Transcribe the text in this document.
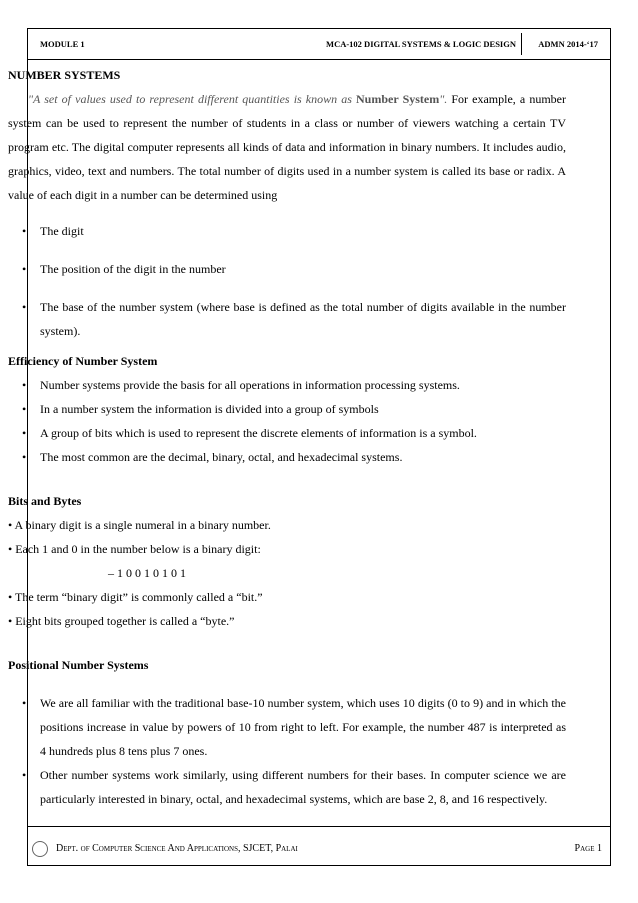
MODULE 1	MCA-102 DIGITAL SYSTEMS & LOGIC DESIGN	ADMN 2014-‘17

NUMBER SYSTEMS

"A set of values used to represent different quantities is known as Number System". For example, a number system can be used to represent the number of students in a class or number of viewers watching a certain TV program etc. The digital computer represents all kinds of data and information in binary numbers. It includes audio, graphics, video, text and numbers. The total number of digits used in a number system is called its base or radix. A value of each digit in a number can be determined using

• The digit
• The position of the digit in the number
• The base of the number system (where base is defined as the total number of digits available in the number system).

Efficiency of Number System

• Number systems provide the basis for all operations in information processing systems.
• In a number system the information is divided into a group of symbols
• A group of bits which is used to represent the discrete elements of information is a symbol.
• The most common are the decimal, binary, octal, and hexadecimal systems.

Bits and Bytes

• A binary digit is a single numeral in a binary number.

• Each 1 and 0 in the number below is a binary digit:

– 1 0 0 1 0 1 0 1

• The term “binary digit” is commonly called a “bit.”

• Eight bits grouped together is called a “byte.”

Positional Number Systems

• We are all familiar with the traditional base-10 number system, which uses 10 digits (0 to 9) and in which the positions increase in value by powers of 10 from right to left. For example, the number 487 is interpreted as 4 hundreds plus 8 tens plus 7 ones.
• Other number systems work similarly, using different numbers for their bases. In computer science we are particularly interested in binary, octal, and hexadecimal systems, which are base 2, 8, and 16 respectively.
Dept. of Computer Science And Applications, SJCET, Palai	Page 1
